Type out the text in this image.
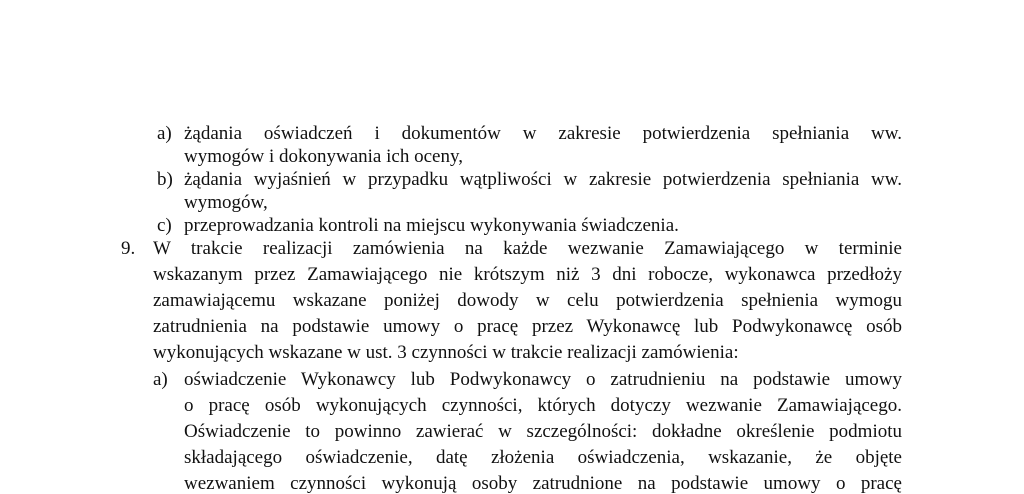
a) żądania oświadczeń i dokumentów w zakresie potwierdzenia spełniania ww.
wymogów i dokonywania ich oceny,
b) żądania wyjaśnień w przypadku wątpliwości w zakresie potwierdzenia spełniania ww.
wymogów,
c) przeprowadzania kontroli na miejscu wykonywania świadczenia.
9. W trakcie realizacji zamówienia na każde wezwanie Zamawiającego w terminie
wskazanym przez Zamawiającego nie krótszym niż 3 dni robocze, wykonawca przedłoży
zamawiającemu wskazane poniżej dowody w celu potwierdzenia spełnienia wymogu
zatrudnienia na podstawie umowy o pracę przez Wykonawcę lub Podwykonawcę osób
wykonujących wskazane w ust. 3 czynności w trakcie realizacji zamówienia:
a) oświadczenie Wykonawcy lub Podwykonawcy o zatrudnieniu na podstawie umowy
o pracę osób wykonujących czynności, których dotyczy wezwanie Zamawiającego.
Oświadczenie to powinno zawierać w szczególności: dokładne określenie podmiotu
składającego oświadczenie, datę złożenia oświadczenia, wskazanie, że objęte
wezwaniem czynności wykonują osoby zatrudnione na podstawie umowy o pracę
